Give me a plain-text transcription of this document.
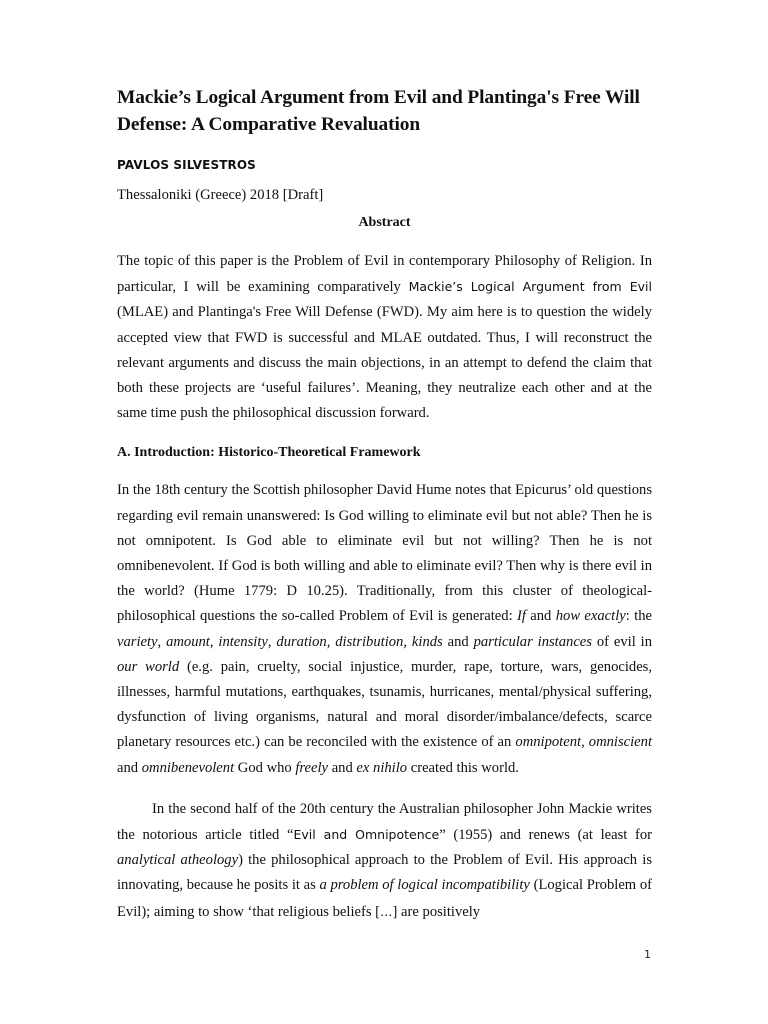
Mackie’s Logical Argument from Evil and Plantinga's Free Will Defense: A Comparative Revaluation
PAVLOS SILVESTROS
Thessaloniki (Greece) 2018 [Draft]
Abstract

The topic of this paper is the Problem of Evil in contemporary Philosophy of Religion. In particular, I will be examining comparatively Mackie’s Logical Argument from Evil (MLAE) and Plantinga's Free Will Defense (FWD). My aim here is to question the widely accepted view that FWD is successful and MLAE outdated. Thus, I will reconstruct the relevant arguments and discuss the main objections, in an attempt to defend the claim that both these projects are ‘useful failures’. Meaning, they neutralize each other and at the same time push the philosophical discussion forward.

A. Introduction: Historico-Theoretical Framework

In the 18th century the Scottish philosopher David Hume notes that Epicurus’ old questions regarding evil remain unanswered: Is God willing to eliminate evil but not able? Then he is not omnipotent. Is God able to eliminate evil but not willing? Then he is not omnibenevolent. If God is both willing and able to eliminate evil? Then why is there evil in the world? (Hume 1779: D 10.25). Traditionally, from this cluster of theological-philosophical questions the so-called Problem of Evil is generated: If and how exactly: the variety, amount, intensity, duration, distribution, kinds and particular instances of evil in our world (e.g. pain, cruelty, social injustice, murder, rape, torture, wars, genocides, illnesses, harmful mutations, earthquakes, tsunamis, hurricanes, mental/physical suffering, dysfunction of living organisms, natural and moral disorder/imbalance/defects, scarce planetary resources etc.) can be reconciled with the existence of an omnipotent, omniscient and omnibenevolent God who freely and ex nihilo created this world.

In the second half of the 20th century the Australian philosopher John Mackie writes the notorious article titled “Evil and Omnipotence” (1955) and renews (at least for analytical atheology) the philosophical approach to the Problem of Evil. His approach is innovating, because he posits it as a problem of logical incompatibility (Logical Problem of Evil); aiming to show ‘that religious beliefs […] are positively

1
